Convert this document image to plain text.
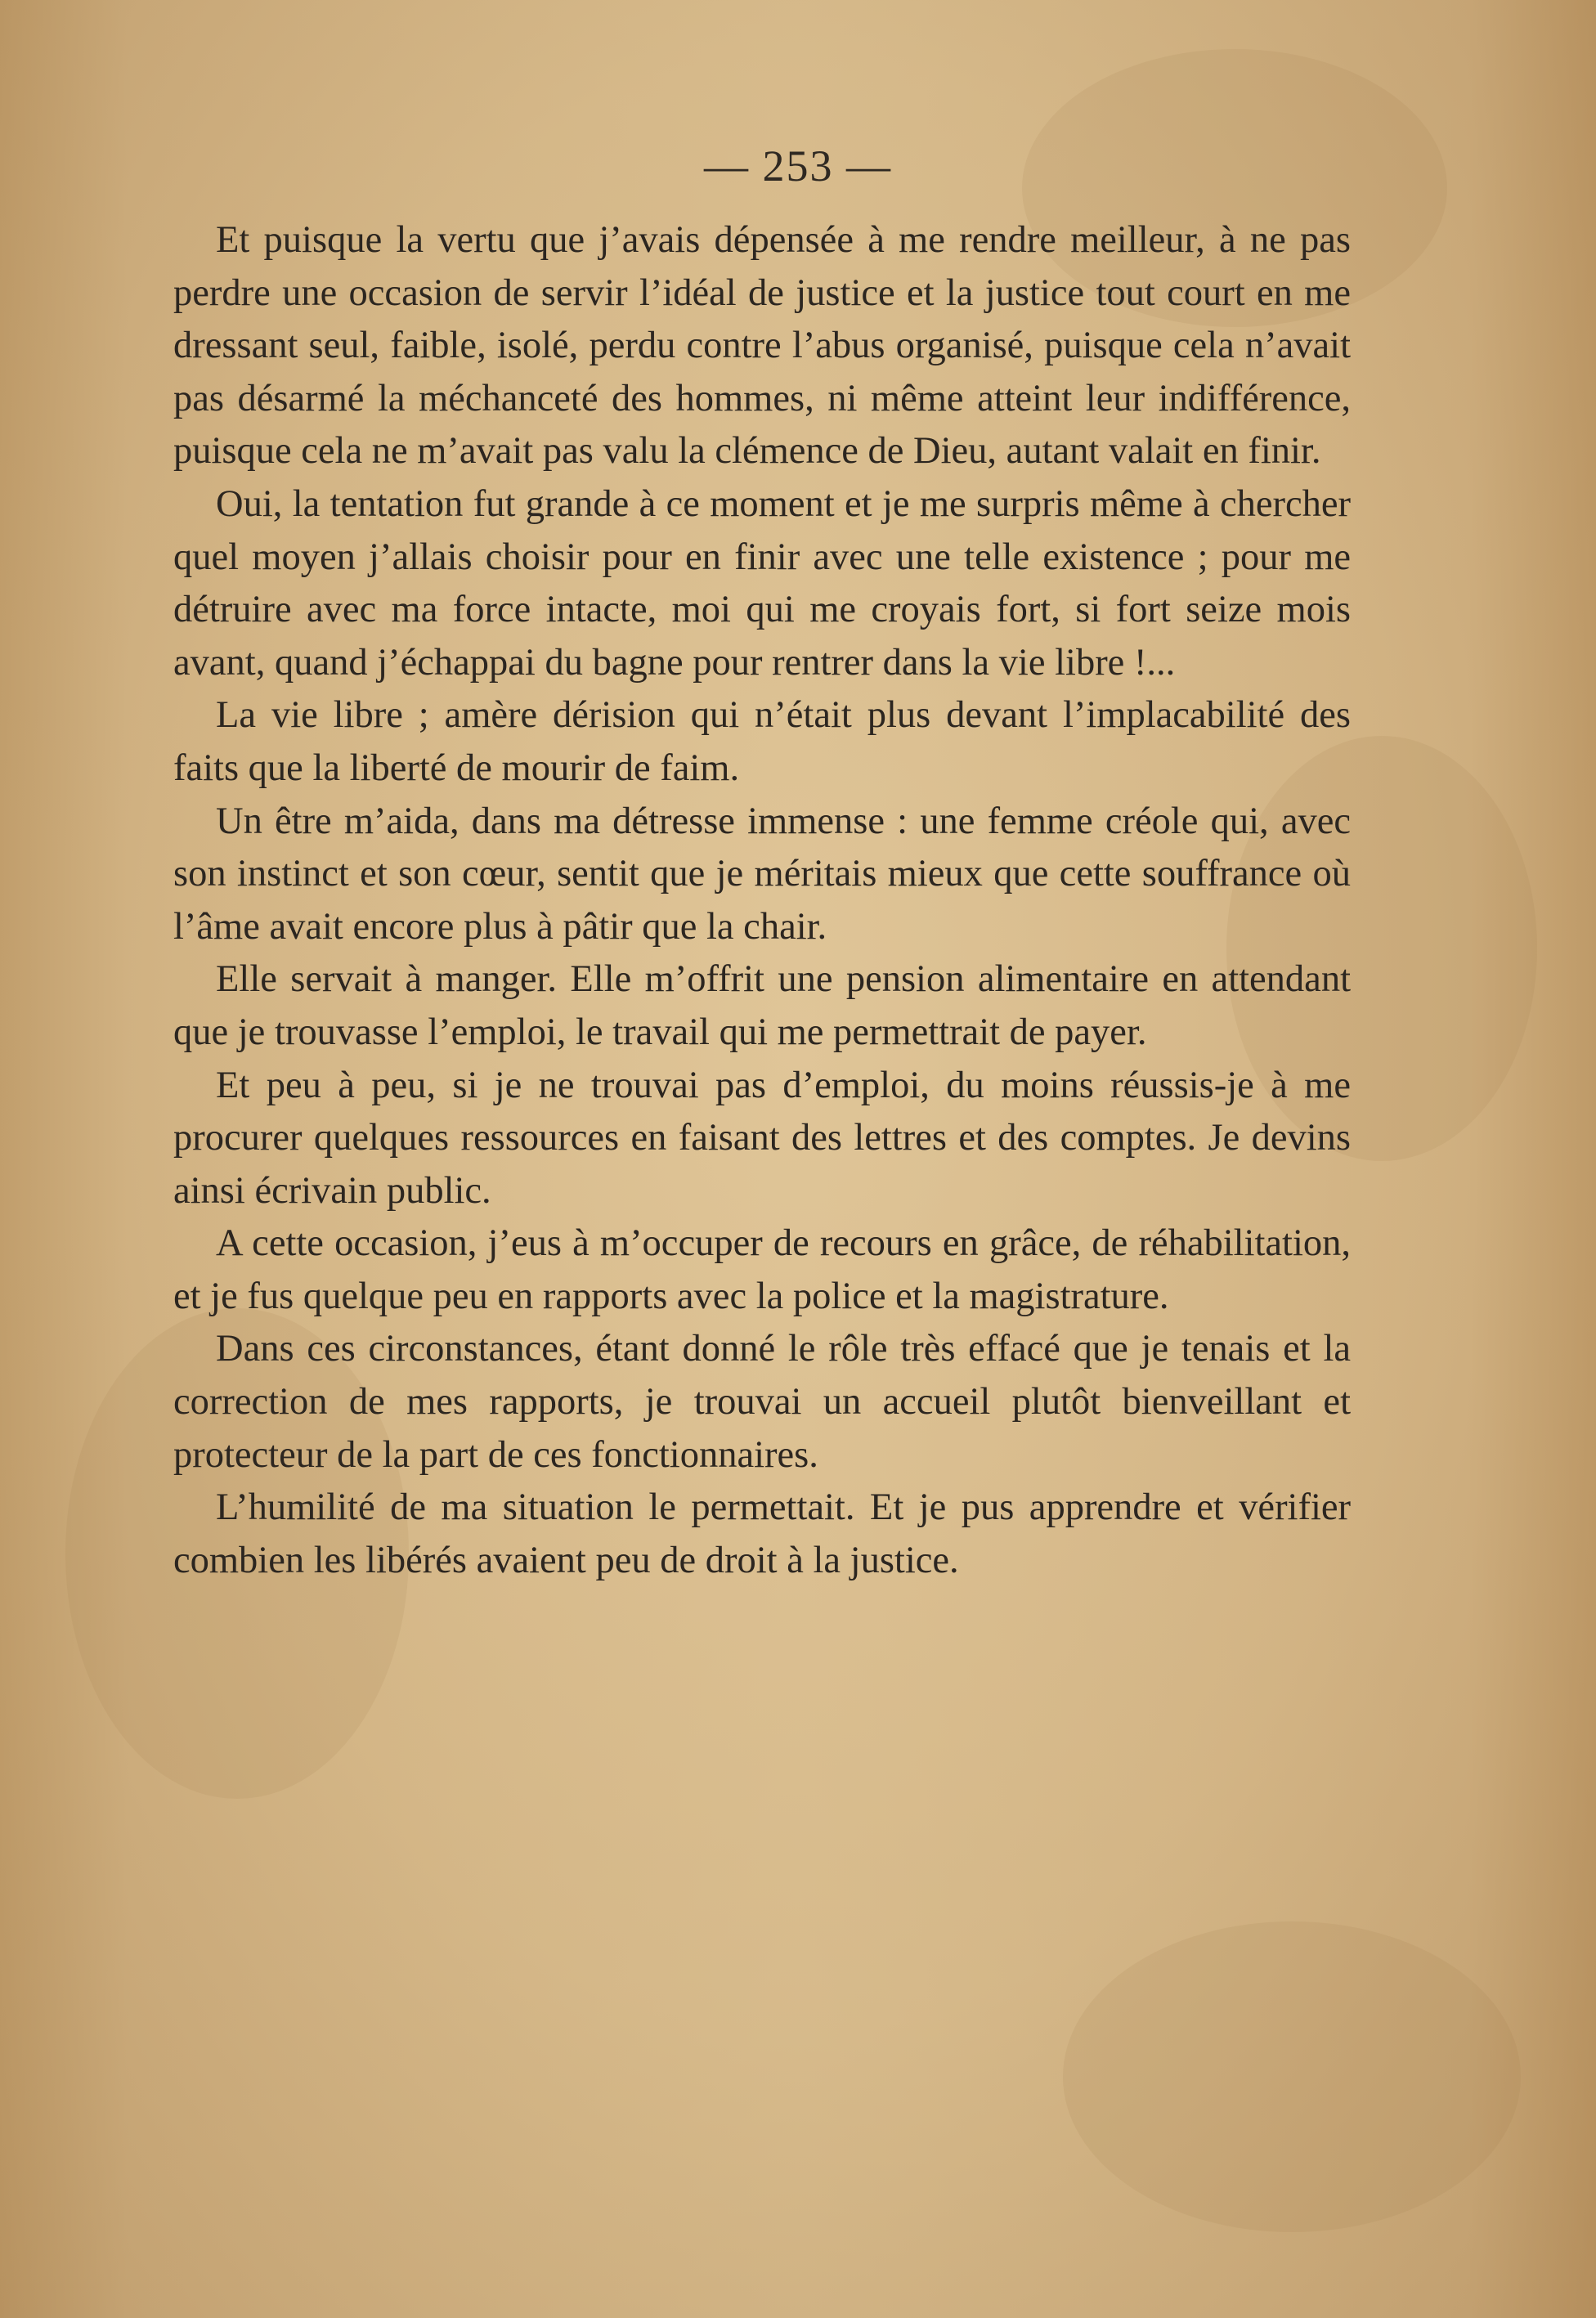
— 253 —

Et puisque la vertu que j’avais dépensée à me rendre meilleur, à ne pas perdre une occasion de servir l’idéal de justice et la justice tout court en me dressant seul, faible, isolé, perdu contre l’abus organisé, puisque cela n’avait pas désarmé la méchanceté des hommes, ni même atteint leur indifférence, puisque cela ne m’avait pas valu la clémence de Dieu, autant valait en finir.

Oui, la tentation fut grande à ce moment et je me surpris même à chercher quel moyen j’allais choisir pour en finir avec une telle existence ; pour me détruire avec ma force intacte, moi qui me croyais fort, si fort seize mois avant, quand j’échappai du bagne pour rentrer dans la vie libre !...

La vie libre ; amère dérision qui n’était plus devant l’implacabilité des faits que la liberté de mourir de faim.

Un être m’aida, dans ma détresse immense : une femme créole qui, avec son instinct et son cœur, sentit que je méritais mieux que cette souffrance où l’âme avait encore plus à pâtir que la chair.

Elle servait à manger. Elle m’offrit une pension alimentaire en attendant que je trouvasse l’emploi, le travail qui me permettrait de payer.

Et peu à peu, si je ne trouvai pas d’emploi, du moins réussis-je à me procurer quelques ressources en faisant des lettres et des comptes. Je devins ainsi écrivain public.

A cette occasion, j’eus à m’occuper de recours en grâce, de réhabilitation, et je fus quelque peu en rapports avec la police et la magistrature.

Dans ces circonstances, étant donné le rôle très effacé que je tenais et la correction de mes rapports, je trouvai un accueil plutôt bienveillant et protecteur de la part de ces fonctionnaires.

L’humilité de ma situation le permettait. Et je pus apprendre et vérifier combien les libérés avaient peu de droit à la justice.
